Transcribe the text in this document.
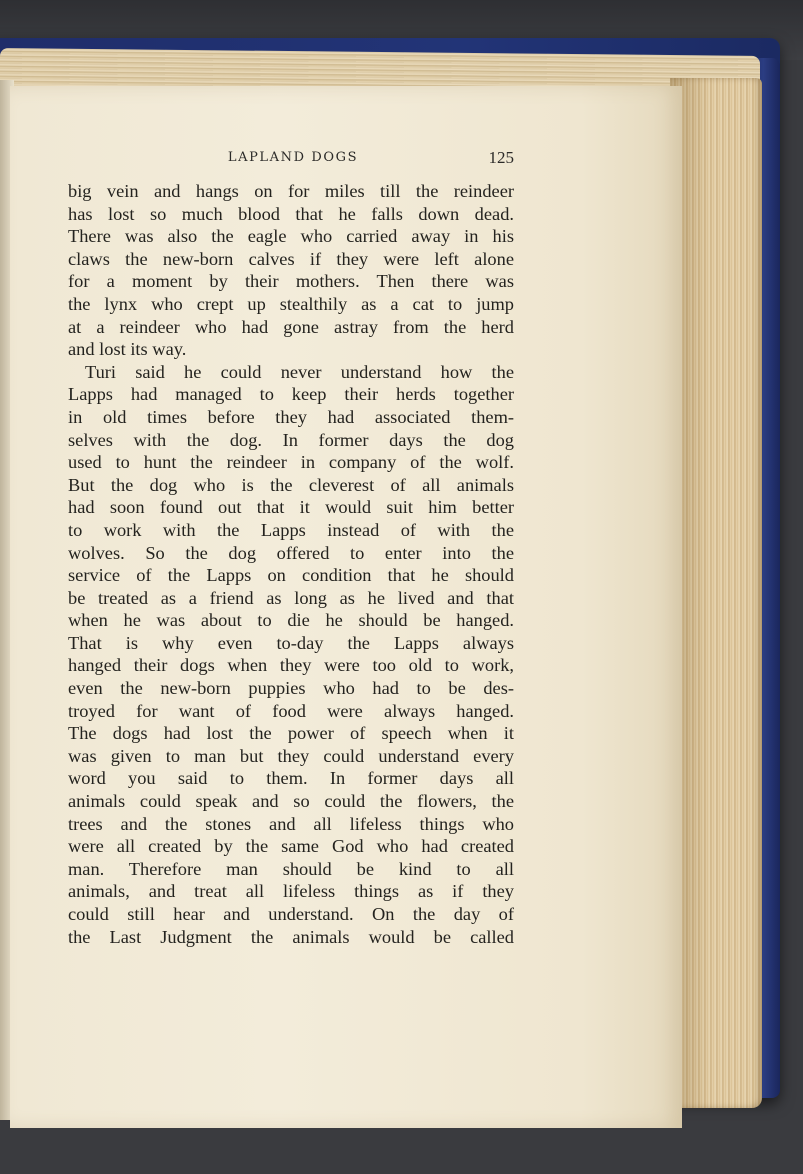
LAPLAND DOGS	125
big vein and hangs on for miles till the reindeer
has lost so much blood that he falls down dead.
There was also the eagle who carried away in his
claws the new-born calves if they were left alone
for a moment by their mothers. Then there was
the lynx who crept up stealthily as a cat to jump
at a reindeer who had gone astray from the herd
and lost its way.
Turi said he could never understand how the
Lapps had managed to keep their herds together
in old times before they had associated them-
selves with the dog. In former days the dog
used to hunt the reindeer in company of the wolf.
But the dog who is the cleverest of all animals
had soon found out that it would suit him better
to work with the Lapps instead of with the
wolves. So the dog offered to enter into the
service of the Lapps on condition that he should
be treated as a friend as long as he lived and that
when he was about to die he should be hanged.
That is why even to-day the Lapps always
hanged their dogs when they were too old to work,
even the new-born puppies who had to be des-
troyed for want of food were always hanged.
The dogs had lost the power of speech when it
was given to man but they could understand every
word you said to them. In former days all
animals could speak and so could the flowers, the
trees and the stones and all lifeless things who
were all created by the same God who had created
man. Therefore man should be kind to all
animals, and treat all lifeless things as if they
could still hear and understand. On the day of
the Last Judgment the animals would be called
